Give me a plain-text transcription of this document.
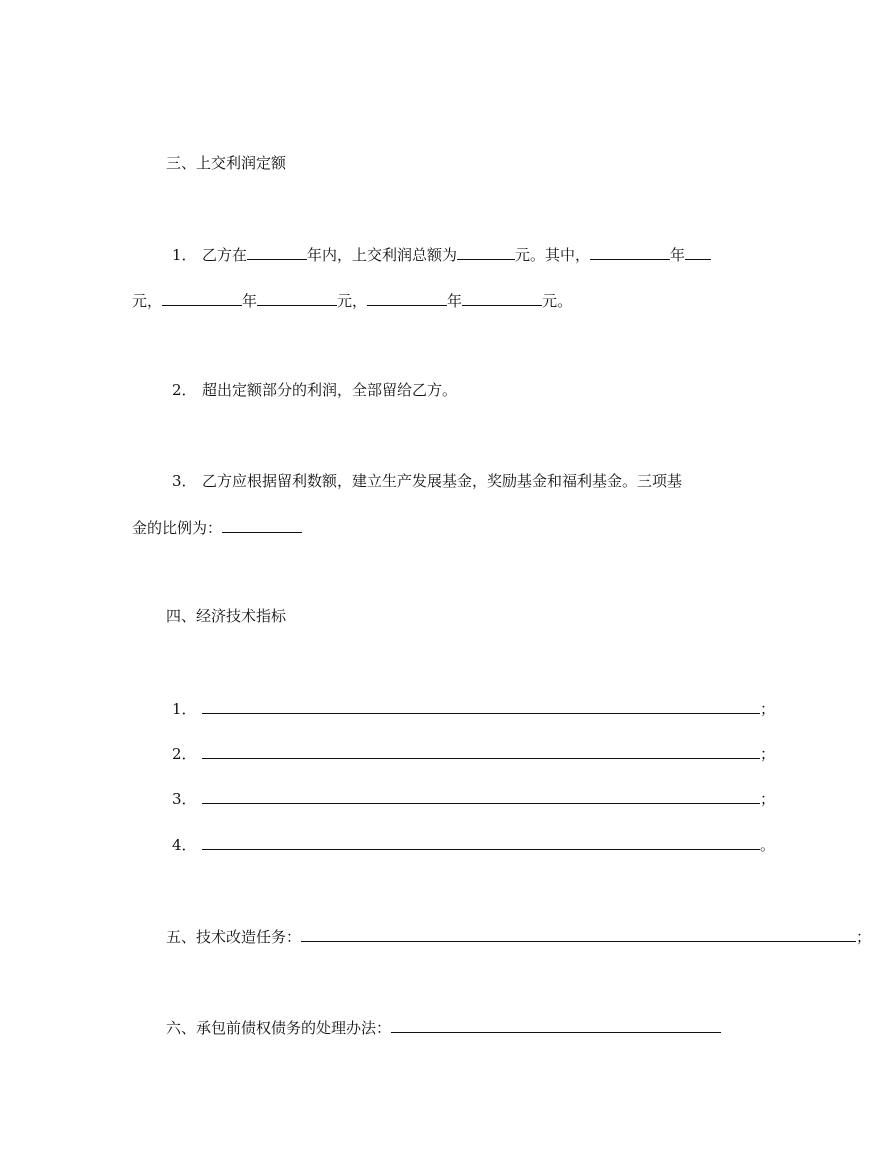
三、上交利润定额
1． 乙方在	年内，上交利润总额为	元。其中，	年
元，	年	元，	年	元。
2． 超出定额部分的利润，全部留给乙方。
3． 乙方应根据留利数额，建立生产发展基金，奖励基金和福利基金。三项基
金的比例为：
四、经济技术指标
1．	；
2．	；
3．	；
4．	。
五、技术改造任务：	；
六、承包前债权债务的处理办法：
